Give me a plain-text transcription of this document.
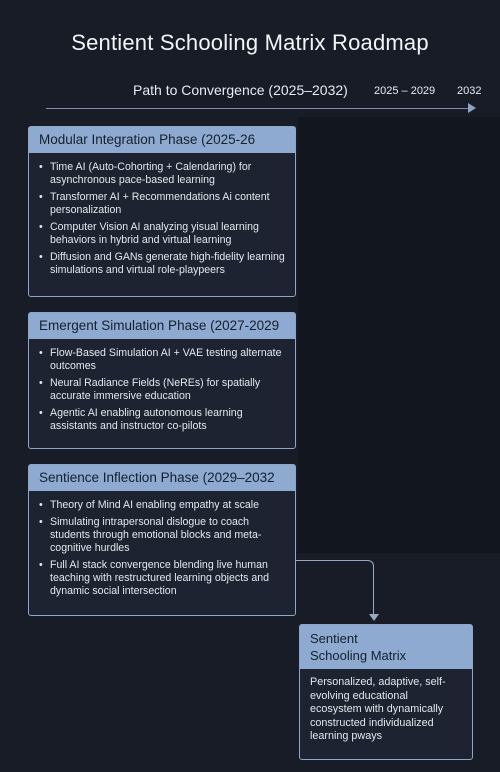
Sentient Schooling Matrix Roadmap
Path to Convergence (2025–2032) 2025 – 2029 2032
Modular Integration Phase (2025-26
• Time AI (Auto-Cohorting + Calendaring) for asynchronous pace-based learning
• Transformer AI + Recommendations Ai content personalization
• Computer Vision AI analyzing yisual learning behaviors in hybrid and virtual learning
• Diffusion and GANs generate high-fidelity learning simulations and virtual role-playpeers
Emergent Simulation Phase (2027-2029
• Flow-Based Simulation AI + VAE testing alternate outcomes
• Neural Radiance Fields (NeREs) for spatially accurate immersive education
• Agentic AI enabling autonomous learning assistants and instructor co-pilots
Sentience Inflection Phase (2029–2032
• Theory of Mind AI enabling empathy at scale
• Simulating intrapersonal dislogue to coach students through emotional blocks and meta-cognitive hurdles
• Full AI stack convergence blending live human teaching with restructured learning objects and dynamic social intersection
Sentient
Schooling Matrix
Personalized, adaptive, self-evolving educational ecosystem with dynamically constructed individualized learning pways
